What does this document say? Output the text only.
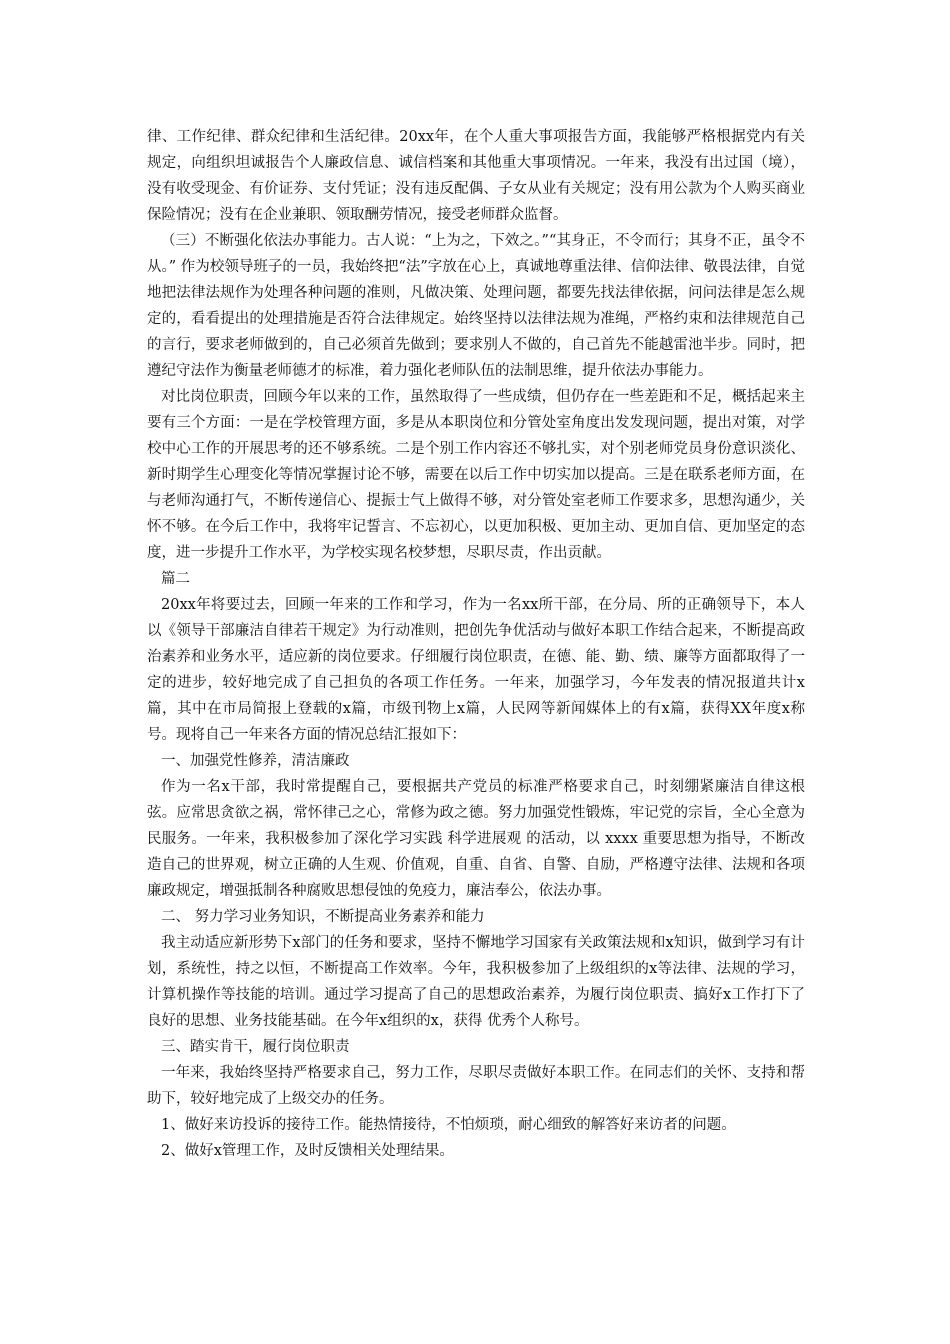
律、工作纪律、群众纪律和生活纪律。20xx年，在个人重大事项报告方面，我能够严格根据党内有关规定，向组织坦诚报告个人廉政信息、诚信档案和其他重大事项情况。一年来，我没有出过国（境），没有收受现金、有价证券、支付凭证；没有违反配偶、子女从业有关规定；没有用公款为个人购买商业保险情况；没有在企业兼职、领取酬劳情况，接受老师群众监督。

（三）不断强化依法办事能力。古人说：“上为之，下效之。”“其身正，不令而行；其身不正，虽令不从。” 作为校领导班子的一员，我始终把“法”字放在心上，真诚地尊重法律、信仰法律、敬畏法律，自觉地把法律法规作为处理各种问题的准则，凡做决策、处理问题，都要先找法律依据，问问法律是怎么规定的，看看提出的处理措施是否符合法律规定。始终坚持以法律法规为准绳，严格约束和法律规范自己的言行，要求老师做到的，自己必须首先做到；要求别人不做的，自己首先不能越雷池半步。同时，把遵纪守法作为衡量老师德才的标准，着力强化老师队伍的法制思维，提升依法办事能力。

对比岗位职责，回顾今年以来的工作，虽然取得了一些成绩，但仍存在一些差距和不足，概括起来主要有三个方面：一是在学校管理方面，多是从本职岗位和分管处室角度出发发现问题，提出对策，对学校中心工作的开展思考的还不够系统。二是个别工作内容还不够扎实，对个别老师党员身份意识淡化、新时期学生心理变化等情况掌握讨论不够，需要在以后工作中切实加以提高。三是在联系老师方面，在与老师沟通打气，不断传递信心、提振士气上做得不够，对分管处室老师工作要求多，思想沟通少，关怀不够。在今后工作中，我将牢记誓言、不忘初心，以更加积极、更加主动、更加自信、更加坚定的态度，进一步提升工作水平，为学校实现名校梦想，尽职尽责，作出贡献。

篇二

20xx年将要过去，回顾一年来的工作和学习，作为一名xx所干部，在分局、所的正确领导下，本人以《领导干部廉洁自律若干规定》为行动准则，把创先争优活动与做好本职工作结合起来，不断提高政治素养和业务水平，适应新的岗位要求。仔细履行岗位职责，在德、能、勤、绩、廉等方面都取得了一定的进步，较好地完成了自己担负的各项工作任务。一年来，加强学习，今年发表的情况报道共计x篇，其中在市局简报上登载的x篇，市级刊物上x篇，人民网等新闻媒体上的有x篇，获得XX年度x称号。现将自己一年来各方面的情况总结汇报如下：

一、加强党性修养，清洁廉政

作为一名x干部，我时常提醒自己，要根据共产党员的标准严格要求自己，时刻绷紧廉洁自律这根弦。应常思贪欲之祸，常怀律己之心，常修为政之德。努力加强党性锻炼，牢记党的宗旨，全心全意为民服务。一年来，我积极参加了深化学习实践 科学进展观 的活动，以 xxxx 重要思想为指导，不断改造自己的世界观，树立正确的人生观、价值观，自重、自省、自警、自励，严格遵守法律、法规和各项廉政规定，增强抵制各种腐败思想侵蚀的免疫力，廉洁奉公，依法办事。

二、 努力学习业务知识，不断提高业务素养和能力

我主动适应新形势下x部门的任务和要求，坚持不懈地学习国家有关政策法规和x知识，做到学习有计划，系统性，持之以恒，不断提高工作效率。今年，我积极参加了上级组织的x等法律、法规的学习，计算机操作等技能的培训。通过学习提高了自己的思想政治素养，为履行岗位职责、搞好x工作打下了良好的思想、业务技能基础。在今年x组织的x，获得 优秀个人称号。

三、踏实肯干，履行岗位职责

一年来，我始终坚持严格要求自己，努力工作，尽职尽责做好本职工作。在同志们的关怀、支持和帮助下，较好地完成了上级交办的任务。

1、做好来访投诉的接待工作。能热情接待，不怕烦琐，耐心细致的解答好来访者的问题。

2、做好x管理工作，及时反馈相关处理结果。
